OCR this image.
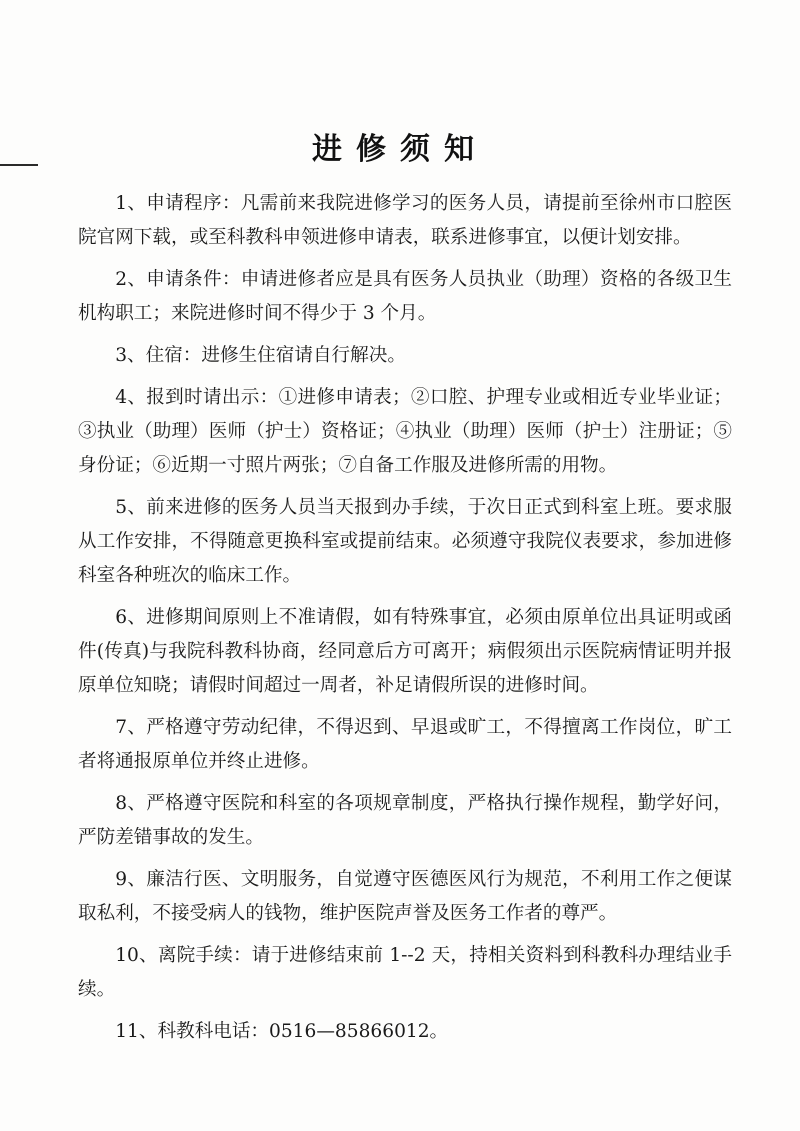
进修须知

1、申请程序：凡需前来我院进修学习的医务人员，请提前至徐州市口腔医院官网下载，或至科教科申领进修申请表，联系进修事宜，以便计划安排。

2、申请条件：申请进修者应是具有医务人员执业（助理）资格的各级卫生机构职工；来院进修时间不得少于 3 个月。

3、住宿：进修生住宿请自行解决。

4、报到时请出示：①进修申请表；②口腔、护理专业或相近专业毕业证；③执业（助理）医师（护士）资格证；④执业（助理）医师（护士）注册证；⑤身份证；⑥近期一寸照片两张；⑦自备工作服及进修所需的用物。

5、前来进修的医务人员当天报到办手续，于次日正式到科室上班。要求服从工作安排，不得随意更换科室或提前结束。必须遵守我院仪表要求，参加进修科室各种班次的临床工作。

6、进修期间原则上不准请假，如有特殊事宜，必须由原单位出具证明或函件(传真)与我院科教科协商，经同意后方可离开；病假须出示医院病情证明并报原单位知晓；请假时间超过一周者，补足请假所误的进修时间。

7、严格遵守劳动纪律，不得迟到、早退或旷工，不得擅离工作岗位，旷工者将通报原单位并终止进修。

8、严格遵守医院和科室的各项规章制度，严格执行操作规程，勤学好问，严防差错事故的发生。

9、廉洁行医、文明服务，自觉遵守医德医风行为规范，不利用工作之便谋取私利，不接受病人的钱物，维护医院声誉及医务工作者的尊严。

10、离院手续：请于进修结束前 1--2 天，持相关资料到科教科办理结业手续。

11、科教科电话：0516—85866012。
